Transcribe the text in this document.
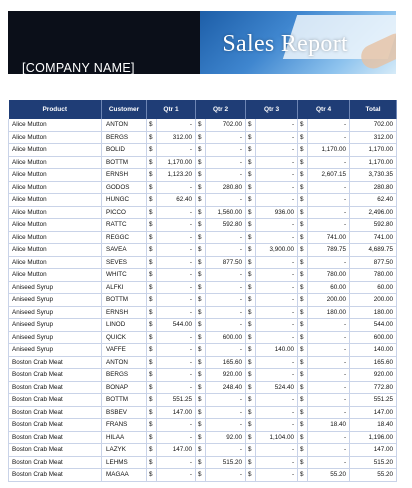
Sales Report
[COMPANY NAME]
Product	Customer	Qtr 1		Qtr 2		Qtr 3		Qtr 4		Total
Alice Mutton	ANTON	$	-	$	702.00	$	-	$	-	702.00
Alice Mutton	BERGS	$	312.00	$	-	$	-	$	-	312.00
Alice Mutton	BOLID	$	-	$	-	$	-	$	1,170.00	1,170.00
Alice Mutton	BOTTM	$	1,170.00	$	-	$	-	$	-	1,170.00
Alice Mutton	ERNSH	$	1,123.20	$	-	$	-	$	2,607.15	3,730.35
Alice Mutton	GODOS	$	-	$	280.80	$	-	$	-	280.80
Alice Mutton	HUNGC	$	62.40	$	-	$	-	$	-	62.40
Alice Mutton	PICCO	$	-	$	1,560.00	$	936.00	$	-	2,496.00
Alice Mutton	RATTC	$	-	$	592.80	$	-	$	-	592.80
Alice Mutton	REGGC	$	-	$	-	$	-	$	741.00	741.00
Alice Mutton	SAVEA	$	-	$	-	$	3,900.00	$	789.75	4,689.75
Alice Mutton	SEVES	$	-	$	877.50	$	-	$	-	877.50
Alice Mutton	WHITC	$	-	$	-	$	-	$	780.00	780.00
Aniseed Syrup	ALFKI	$	-	$	-	$	-	$	60.00	60.00
Aniseed Syrup	BOTTM	$	-	$	-	$	-	$	200.00	200.00
Aniseed Syrup	ERNSH	$	-	$	-	$	-	$	180.00	180.00
Aniseed Syrup	LINOD	$	544.00	$	-	$	-	$	-	544.00
Aniseed Syrup	QUICK	$	-	$	600.00	$	-	$	-	600.00
Aniseed Syrup	VAFFE	$	-	$	-	$	140.00	$	-	140.00
Boston Crab Meat	ANTON	$	-	$	165.60	$	-	$	-	165.60
Boston Crab Meat	BERGS	$	-	$	920.00	$	-	$	-	920.00
Boston Crab Meat	BONAP	$	-	$	248.40	$	524.40	$	-	772.80
Boston Crab Meat	BOTTM	$	551.25	$	-	$	-	$	-	551.25
Boston Crab Meat	BSBEV	$	147.00	$	-	$	-	$	-	147.00
Boston Crab Meat	FRANS	$	-	$	-	$	-	$	18.40	18.40
Boston Crab Meat	HILAA	$	-	$	92.00	$	1,104.00	$	-	1,196.00
Boston Crab Meat	LAZYK	$	147.00	$	-	$	-	$	-	147.00
Boston Crab Meat	LEHMS	$	-	$	515.20	$	-	$	-	515.20
Boston Crab Meat	MAGAA	$	-	$	-	$	-	$	55.20	55.20
